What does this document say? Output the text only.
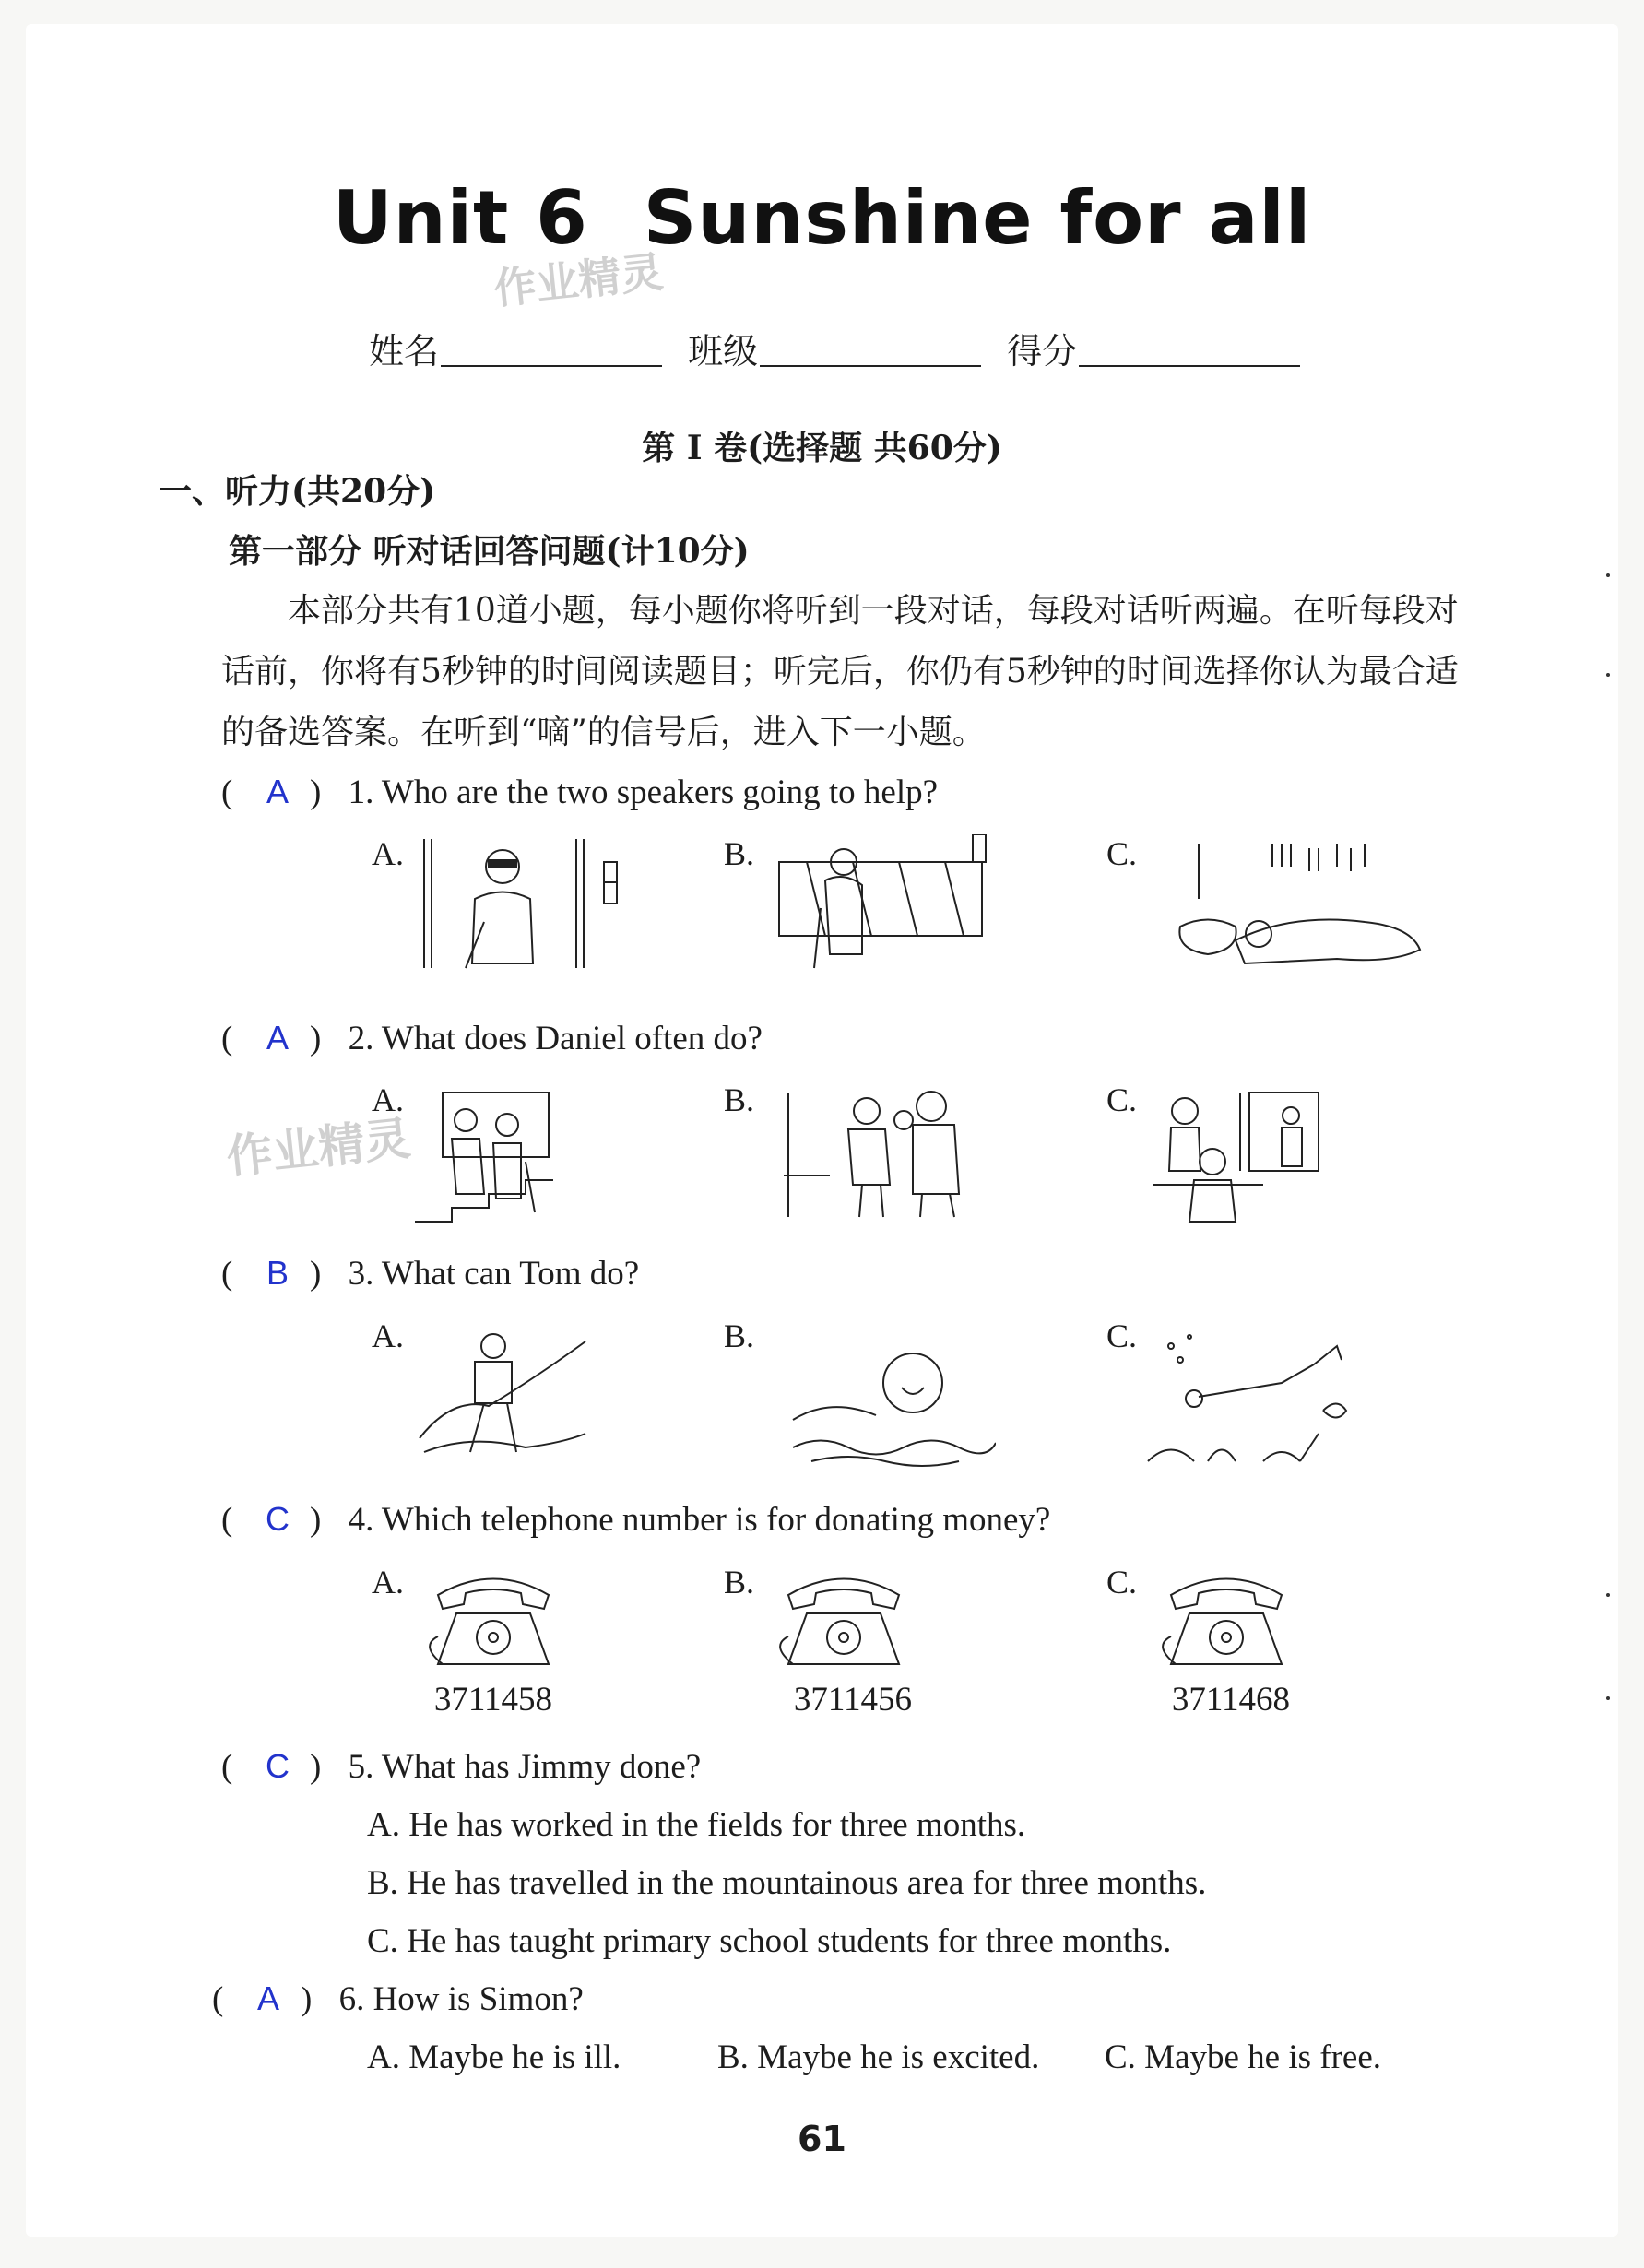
Unit 6 Sunshine for all
作业精灵
姓名	班级	得分
第 I 卷(选择题 共60分)
一、听力(共20分)
第一部分 听对话回答问题(计10分)
本部分共有10道小题，每小题你将听到一段对话，每段对话听两遍。在听每段对话前，你将有5秒钟的时间阅读题目；听完后，你仍有5秒钟的时间选择你认为最合适的备选答案。在听到“嘀”的信号后，进入下一小题。
( A ) 1. Who are the two speakers going to help?
A.	B.	C.
( A ) 2. What does Daniel often do?
A.	B.	C.
作业精灵
( B ) 3. What can Tom do?
A.	B.	C.
( C ) 4. Which telephone number is for donating money?
A.	B.	C.
3711458	3711456	3711468
( C ) 5. What has Jimmy done?
A. He has worked in the fields for three months.
B. He has travelled in the mountainous area for three months.
C. He has taught primary school students for three months.
( A ) 6. How is Simon?
A. Maybe he is ill.	B. Maybe he is excited. C. Maybe he is free.
61
